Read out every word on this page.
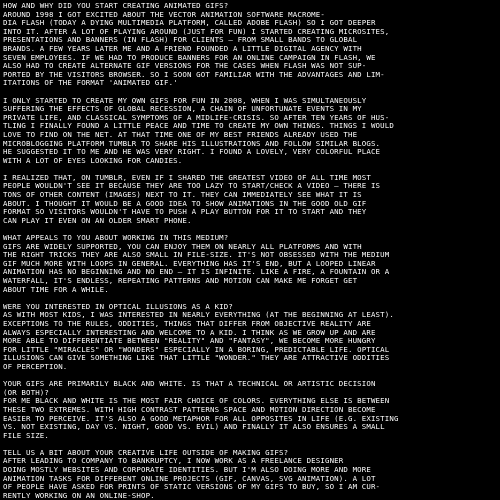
HOW AND WHY DID YOU START CREATING ANIMATED GIFS?
AROUND 1998 I GOT EXCITED ABOUT THE VECTOR ANIMATION SOFTWARE MACROME-
DIA FLASH (TODAY A DYING MULTIMEDIA PLATFORM, CALLED ADOBE FLASH) SO I GOT DEEPER
INTO IT. AFTER A LOT OF PLAYING AROUND (JUST FOR FUN) I STARTED CREATING MICROSITES,
PRESENTATIONS AND BANNERS (IN FLASH) FOR CLIENTS — FROM SMALL BANDS TO GLOBAL
BRANDS. A FEW YEARS LATER ME AND A FRIEND FOUNDED A LITTLE DIGITAL AGENCY WITH
SEVEN EMPLOYEES. IF WE HAD TO PRODUCE BANNERS FOR AN ONLINE CAMPAIGN IN FLASH, WE
ALSO HAD TO CREATE ALTERNATE GIF VERSIONS FOR THE CASES WHEN FLASH WAS NOT SUP-
PORTED BY THE VISITORS BROWSER. SO I SOON GOT FAMILIAR WITH THE ADVANTAGES AND LIM-
ITATIONS OF THE FORMAT 'ANIMATED GIF.'
I ONLY STARTED TO CREATE MY OWN GIFS FOR FUN IN 2008, WHEN I WAS SIMULTANEOUSLY
SUFFERING THE EFFECTS OF GLOBAL RECESSION, A CHAIN OF UNFORTUNATE EVENTS IN MY
PRIVATE LIFE, AND CLASSICAL SYMPTOMS OF A MIDLIFE-CRISIS. SO AFTER TEN YEARS OF HUS-
TLING I FINALLY FOUND A LITTLE PEACE AND TIME TO CREATE MY OWN THINGS. THINGS I WOULD
LOVE TO FIND ON THE NET. AT THAT TIME ONE OF MY BEST FRIENDS ALREADY USED THE
MICROBLOGGING PLATFORM TUMBLR TO SHARE HIS ILLUSTRATIONS AND FOLLOW SIMILAR BLOGS.
HE SUGGESTED IT TO ME AND HE WAS VERY RIGHT. I FOUND A LOVELY, VERY COLORFUL PLACE
WITH A LOT OF EYES LOOKING FOR CANDIES.
I REALIZED THAT, ON TUMBLR, EVEN IF I SHARED THE GREATEST VIDEO OF ALL TIME MOST
PEOPLE WOULDN'T SEE IT BECAUSE THEY ARE TOO LAZY TO START/CHECK A VIDEO — THERE IS
TONS OF OTHER CONTENT (IMAGES) NEXT TO IT. THEY CAN IMMEDIATELY SEE WHAT IT IS
ABOUT. I THOUGHT IT WOULD BE A GOOD IDEA TO SHOW ANIMATIONS IN THE GOOD OLD GIF
FORMAT SO VISITORS WOULDN'T HAVE TO PUSH A PLAY BUTTON FOR IT TO START AND THEY
CAN PLAY IT EVEN ON AN OLDER SMART PHONE.
WHAT APPEALS TO YOU ABOUT WORKING IN THIS MEDIUM?
GIFS ARE WIDELY SUPPORTED, YOU CAN ENJOY THEM ON NEARLY ALL PLATFORMS AND WITH
THE RIGHT TRICKS THEY ARE ALSO SMALL IN FILE-SIZE. IT'S NOT OBSESSED WITH THE MEDIUM
GIF MUCH MORE WITH LOOPS IN GENERAL. EVERYTHING HAS IT'S END, BUT A LOOPED LINEAR
ANIMATION HAS NO BEGINNING AND NO END — IT IS INFINITE. LIKE A FIRE, A FOUNTAIN OR A
WATERFALL, IT'S ENDLESS, REPEATING PATTERNS AND MOTION CAN MAKE ME FORGET GET
ABOUT TIME FOR A WHILE.
WERE YOU INTERESTED IN OPTICAL ILLUSIONS AS A KID?
AS WITH MOST KIDS, I WAS INTERESTED IN NEARLY EVERYTHING (AT THE BEGINNING AT LEAST).
EXCEPTIONS TO THE RULES, ODDITIES, THINGS THAT DIFFER FROM OBJECTIVE REALITY ARE
ALWAYS ESPECIALLY INTERESTING AND WELCOME TO A KID. I THINK AS WE GROW UP AND ARE
MORE ABLE TO DIFFERENTIATE BETWEEN "REALITY" AND "FANTASY", WE BECOME MORE HUNGRY
FOR LITTLE "MIRACLES" OR "WONDERS" ESPECIALLY IN A BORING, PREDICTABLE LIFE. OPTICAL
ILLUSIONS CAN GIVE SOMETHING LIKE THAT LITTLE "WONDER." THEY ARE ATTRACTIVE ODDITIES
OF PERCEPTION.
YOUR GIFS ARE PRIMARILY BLACK AND WHITE. IS THAT A TECHNICAL OR ARTISTIC DECISION
(OR BOTH)?
FOR ME BLACK AND WHITE IS THE MOST FAIR CHOICE OF COLORS. EVERYTHING ELSE IS BETWEEN
THESE TWO EXTREMES. WITH HIGH CONTRAST PATTERNS SPACE AND MOTION DIRECTION BECOME
EASIER TO PERCEIVE. IT'S ALSO A GOOD METAPHOR FOR ALL OPPOSITES IN LIFE (E.G. EXISTING
VS. NOT EXISTING, DAY VS. NIGHT, GOOD VS. EVIL) AND FINALLY IT ALSO ENSURES A SMALL
FILE SIZE.
TELL US A BIT ABOUT YOUR CREATIVE LIFE OUTSIDE OF MAKING GIFS?
AFTER LEADING TO COMPANY TO BANKRUPTCY, I NOW WORK AS A FREELANCE DESIGNER
DOING MOSTLY WEBSITES AND CORPORATE IDENTITIES. BUT I'M ALSO DOING MORE AND MORE
ANIMATION TASKS FOR DIFFERENT ONLINE PROJECTS (GIF, CANVAS, SVG ANIMATION). A LOT
OF PEOPLE HAVE ASKED FOR PRINTS OF STATIC VERSIONS OF MY GIFS TO BUY, SO I AM CUR-
RENTLY WORKING ON AN ONLINE-SHOP.
